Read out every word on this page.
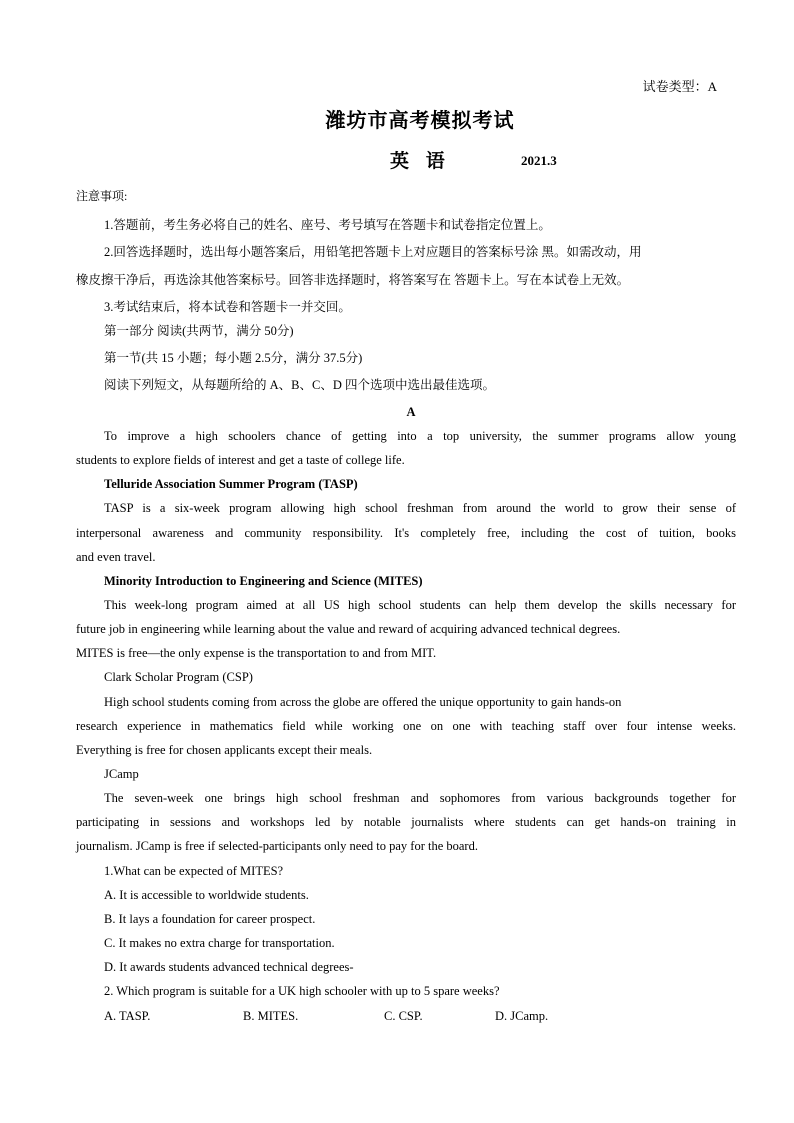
试卷类型：A
潍坊市高考模拟考试
英 语	2021.3
注意事项:
1.答题前，考生务必将自己的姓名、座号、考号填写在答题卡和试卷指定位置上。
2.回答选择题时，选出每小题答案后，用铅笔把答题卡上对应题目的答案标号涂 黑。如需改动，用
橡皮擦干净后，再选涂其他答案标号。回答非选择题时，将答案写在 答题卡上。写在本试卷上无效。
3.考试结束后，将本试卷和答题卡一并交回。
第一部分 阅读(共两节，满分 50分)
第一节(共 15 小题；每小题 2.5分，满分 37.5分)
阅读下列短文，从每题所给的 A、B、C、D 四个选项中选出最佳选项。
A
To improve a high schoolers chance of getting into a top university, the summer programs allow young
students to explore fields of interest and get a taste of college life.
Telluride Association Summer Program (TASP)
TASP is a six-week program allowing high school freshman from around the world to grow their sense of
interpersonal awareness and community responsibility. It's completely free, including the cost of tuition, books
and even travel.
Minority Introduction to Engineering and Science (MITES)
This week-long program aimed at all US high school students can help them develop the skills necessary for
future job in engineering while learning about the value and reward of acquiring advanced technical degrees.
MITES is free—the only expense is the transportation to and from MIT.
Clark Scholar Program (CSP)
High school students coming from across the globe are offered the unique opportunity to gain hands-on
research experience in mathematics field while working one on one with teaching staff over four intense weeks.
Everything is free for chosen applicants except their meals.
JCamp
The seven-week one brings high school freshman and sophomores from various backgrounds together for
participating in sessions and workshops led by notable journalists where students can get hands-on training in
journalism. JCamp is free if selected-participants only need to pay for the board.
1.What can be expected of MITES?
A. It is accessible to worldwide students.
B. It lays a foundation for career prospect.
C. It makes no extra charge for transportation.
D. It awards students advanced technical degrees-
2. Which program is suitable for a UK high schooler with up to 5 spare weeks?
A. TASP.	B. MITES.	C. CSP.	D. JCamp.
